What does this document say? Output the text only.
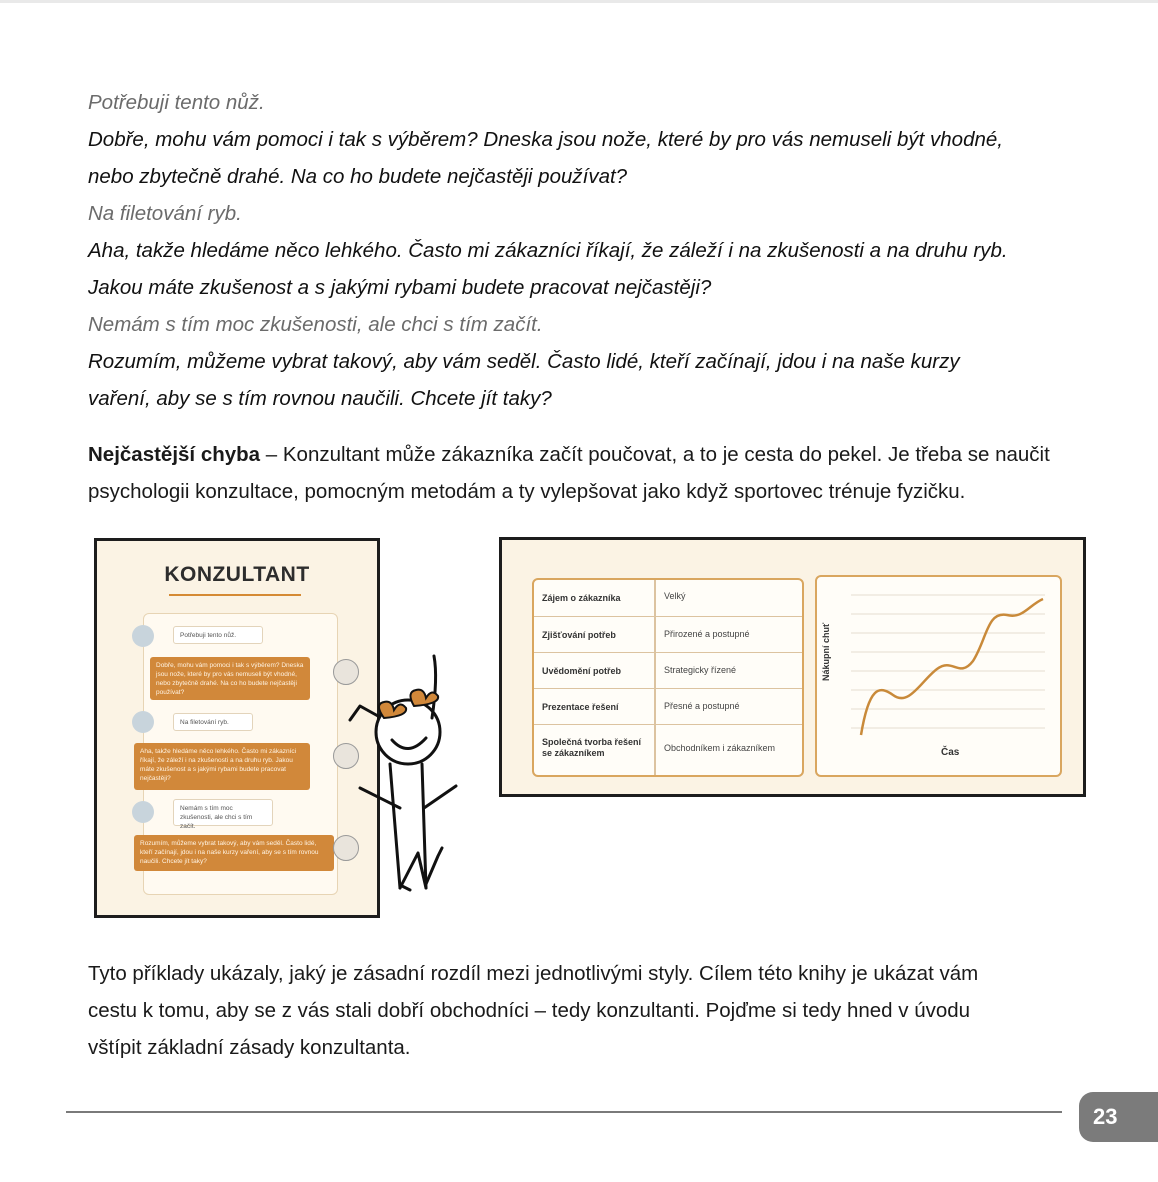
Potřebuji tento nůž.

Dobře, mohu vám pomoci i tak s výběrem? Dneska jsou nože, které by pro vás nemuseli být vhodné,

nebo zbytečně drahé. Na co ho budete nejčastěji používat?

Na filetování ryb.

Aha, takže hledáme něco lehkého. Často mi zákazníci říkají, že záleží i na zkušenosti a na druhu ryb.

Jakou máte zkušenost a s jakými rybami budete pracovat nejčastěji?

Nemám s tím moc zkušenosti, ale chci s tím začít.

Rozumím, můžeme vybrat takový, aby vám seděl. Často lidé, kteří začínají, jdou i na naše kurzy

vaření, aby se s tím rovnou naučili. Chcete jít taky?

Nejčastější chyba – Konzultant může zákazníka začít poučovat, a to je cesta do pekel. Je třeba se naučit

psychologii konzultace, pomocným metodám a ty vylepšovat jako když sportovec trénuje fyzičku.

KONZULTANT
Potřebuji tento nůž.
Dobře, mohu vám pomoci i tak s výběrem? Dneska jsou nože, které by pro vás nemuseli být vhodné, nebo zbytečně drahé. Na co ho budete nejčastěji používat?
Na filetování ryb.
Aha, takže hledáme něco lehkého. Často mi zákazníci říkají, že záleží i na zkušenosti a na druhu ryb. Jakou máte zkušenost a s jakými rybami budete pracovat nejčastěji?
Nemám s tím moc zkušenosti, ale chci s tím začít.
Rozumím, můžeme vybrat takový, aby vám seděl. Často lidé, kteří začínají, jdou i na naše kurzy vaření, aby se s tím rovnou naučili. Chcete jít taky?
Zájem o zákazníka	Velký
Zjišťování potřeb	Přirozené a postupné
Uvědomění potřeb	Strategicky řízené
Prezentace řešení	Přesné a postupné
Společná tvorba řešení se zákazníkem	Obchodníkem i zákazníkem
Nákupní chuť
Čas

Tyto příklady ukázaly, jaký je zásadní rozdíl mezi jednotlivými styly. Cílem této knihy je ukázat vám

cestu k tomu, aby se z vás stali dobří obchodníci – tedy konzultanti. Pojďme si tedy hned v úvodu

vštípit základní zásady konzultanta.

23
